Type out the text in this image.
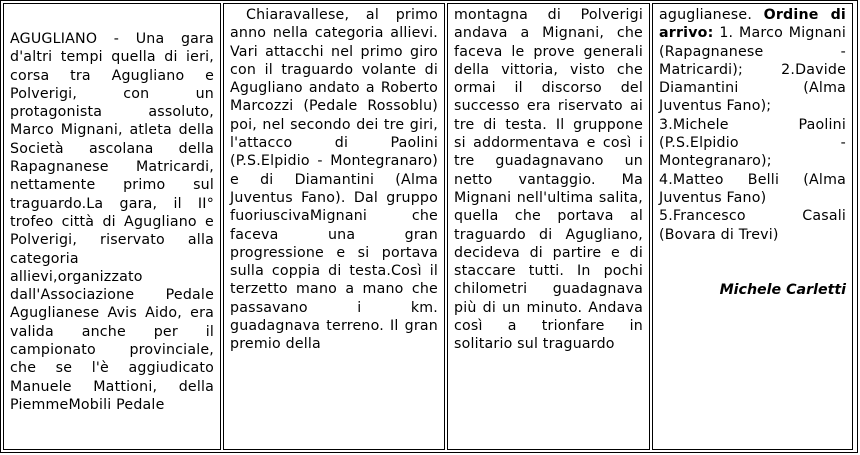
AGUGLIANO - Una gara d'altri tempi quella di ieri, corsa tra Agugliano e Polverigi, con un protagonista assoluto, Marco Mignani, atleta della Società ascolana della Rapagnanese Matricardi, nettamente primo sul traguardo.La gara, il II° trofeo città di Agugliano e Polverigi, riservato alla categoria allievi,organizzato dall'Associazione Pedale Aguglianese Avis Aido, era valida anche per il campionato provinciale, che se l'è aggiudicato Manuele Mattioni, della PiemmeMobili Pedale

Chiaravallese, al primo anno nella categoria allievi. Vari attacchi nel primo giro con il traguardo volante di Agugliano andato a Roberto Marcozzi (Pedale Rossoblu) poi, nel secondo dei tre giri, l'attacco di Paolini (P.S.Elpidio - Montegranaro) e di Diamantini (Alma Juventus Fano). Dal gruppo fuoriuscivaMignani che faceva una gran progressione e si portava sulla coppia di testa.Così il terzetto mano a mano che passavano i km. guadagnava terreno. Il gran premio della

montagna di Polverigi andava a Mignani, che faceva le prove generali della vittoria, visto che ormai il discorso del successo era riservato ai tre di testa. Il gruppone si addormentava e così i tre guadagnavano un netto vantaggio. Ma Mignani nell'ultima salita, quella che portava al traguardo di Agugliano, decideva di partire e di staccare tutti. In pochi chilometri guadagnava più di un minuto. Andava così a trionfare in solitario sul traguardo

aguglianese. Ordine di arrivo: 1. Marco Mignani (Rapagnanese - Matricardi);	2.Davide Diamantini (Alma Juventus Fano);
3.Michele Paolini (P.S.Elpidio - Montegranaro);
4.Matteo Belli (Alma Juventus Fano)
5.Francesco Casali (Bovara di Trevi)

Michele Carletti
